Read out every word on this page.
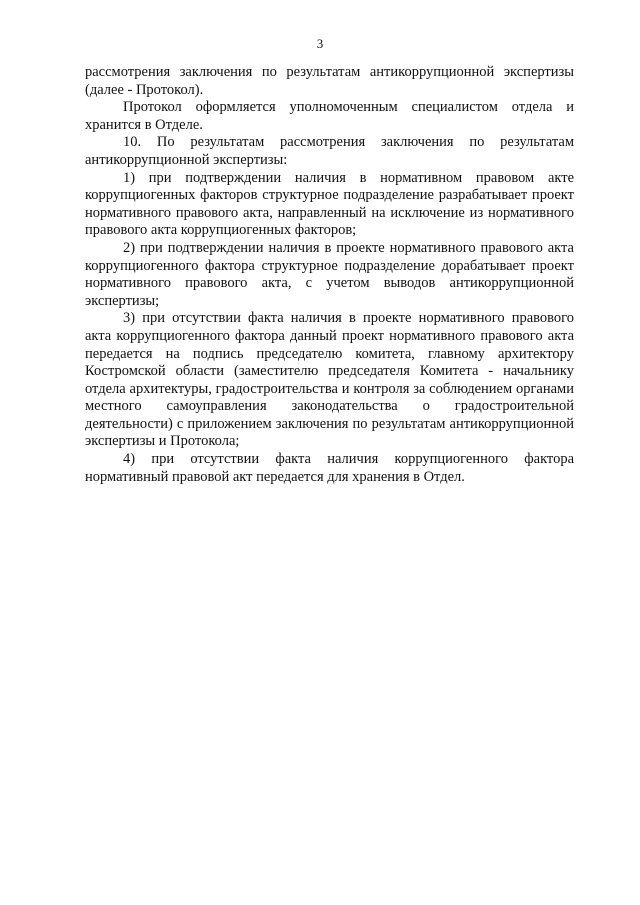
3

рассмотрения заключения по результатам антикоррупционной экспертизы (далее - Протокол).

Протокол оформляется уполномоченным специалистом отдела и хранится в Отделе.

10. По результатам рассмотрения заключения по результатам антикоррупционной экспертизы:

1) при подтверждении наличия в нормативном правовом акте коррупциогенных факторов структурное подразделение разрабатывает проект нормативного правового акта, направленный на исключение из нормативного правового акта коррупциогенных факторов;

2) при подтверждении наличия в проекте нормативного правового акта коррупциогенного фактора структурное подразделение дорабатывает проект нормативного правового акта, с учетом выводов антикоррупционной экспертизы;

3) при отсутствии факта наличия в проекте нормативного правового акта коррупциогенного фактора данный проект нормативного правового акта передается на подпись председателю комитета, главному архитектору Костромской области (заместителю председателя Комитета - начальнику отдела архитектуры, градостроительства и контроля за соблюдением органами местного самоуправления законодательства о градостроительной деятельности) с приложением заключения по результатам антикоррупционной экспертизы и Протокола;

4) при отсутствии факта наличия коррупциогенного фактора нормативный правовой акт передается для хранения в Отдел.
